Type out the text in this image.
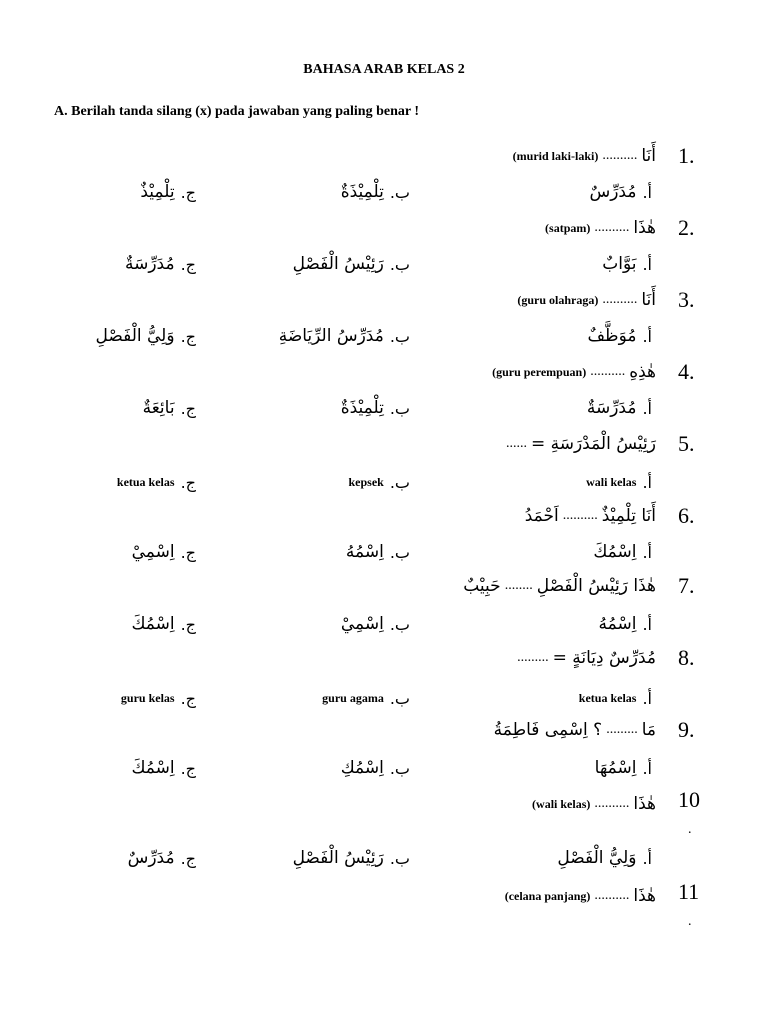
BAHASA ARAB KELAS 2
A. Berilah tanda silang (x) pada jawaban yang paling benar !
أَنَا
..........
(murid laki-laki)	1.
أ.
مُدَرِّسٌ
ب.
تِلْمِيْذَةٌ
ج.
تِلْمِيْذٌ
هٰذَا
..........
(satpam)	2.
أ.
بَوَّابٌ
ب.
رَئِيْسُ الْفَصْلِ
ج.
مُدَرِّسَةٌ
أَنَا
..........
(guru olahraga)	3.
أ.
مُوَظَّفٌ
ب.
مُدَرِّسُ الرِّيَاضَةِ
ج.
وَلِيُّ الْفَصْلِ
هٰذِهِ
..........
(guru perempuan)	4.
أ.
مُدَرِّسَةٌ
ب.
تِلْمِيْذَةٌ
ج.
بَائِعَةٌ
رَئِيْسُ الْمَدْرَسَةِ =
......	5.
أ.
wali kelas
ب.
kepsek
ج.
ketua kelas
أَنَا تِلْمِيْذٌ
..........
اَحْمَدُ	6.
أ.
اِسْمُكَ
ب.
اِسْمُهُ
ج.
اِسْمِيْ
هٰذَا رَئِيْسُ الْفَصْلِ
........
حَبِيْبٌ	7.
أ.
اِسْمُهُ
ب.
اِسْمِيْ
ج.
اِسْمُكَ
مُدَرِّسٌ دِيَانَةٍ =
.........	8.
أ.
ketua kelas
ب.
guru agama
ج.
guru kelas
مَا
.........
؟ اِسْمِى فَاطِمَةُ	9.
أ.
اِسْمُهَا
ب.
اِسْمُكِ
ج.
اِسْمُكَ
هٰذَا
..........
(wali kelas)	10
.
أ.
وَلِيُّ الْفَصْلِ
ب.
رَئِيْسُ الْفَصْلِ
ج.
مُدَرِّسٌ
هٰذَا
..........
(celana panjang)	11
.
